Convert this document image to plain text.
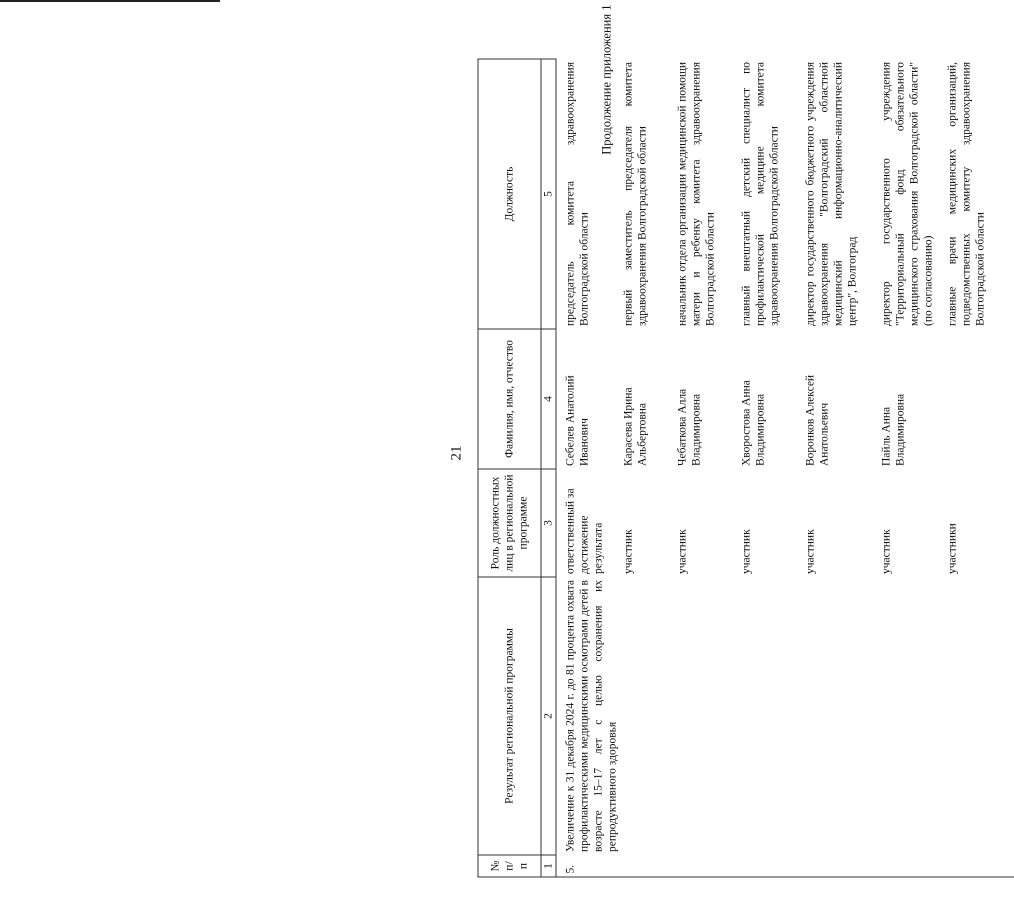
21
Продолжение приложения 1
№ п/п	Результат региональной программы	Роль должностных лиц в региональной программе	Фамилия, имя, отчество	Должность
1	2	3	4	5

5.	Увеличение к 31 декабря 2024 г. до 81 процента охвата профилактическими медицинскими осмотрами детей в возрасте 15–17 лет с целью сохранения их репродуктивного здоровья	ответственный за достижение результата	Себелев Анатолий Иванович	председатель комитета здравоохранения Волгоградской области
		участник	Карасева Ирина Альбертовна	первый заместитель председателя комитета здравоохранения Волгоградской области
		участник	Чебаткова Алла Владимировна	начальник отдела организации медицинской помощи матери и ребенку комитета здравоохранения Волгоградской области
		участник	Хворостова Анна Владимировна	главный внештатный детский специалист по профилактической медицине комитета здравоохранения Волгоградской области
		участник	Воронков Алексей Анатольевич	директор государственного бюджетного учреждения здравоохранения "Волгоградский областной медицинский информационно-аналитический центр", Волгоград
		участник	Пайль Анна Владимировна	директор государственного учреждения "Территориальный фонд обязательного медицинского страхования Волгоградской области" (по согласованию)
		участники		главные врачи медицинских организаций, подведомственных комитету здравоохранения Волгоградской области
